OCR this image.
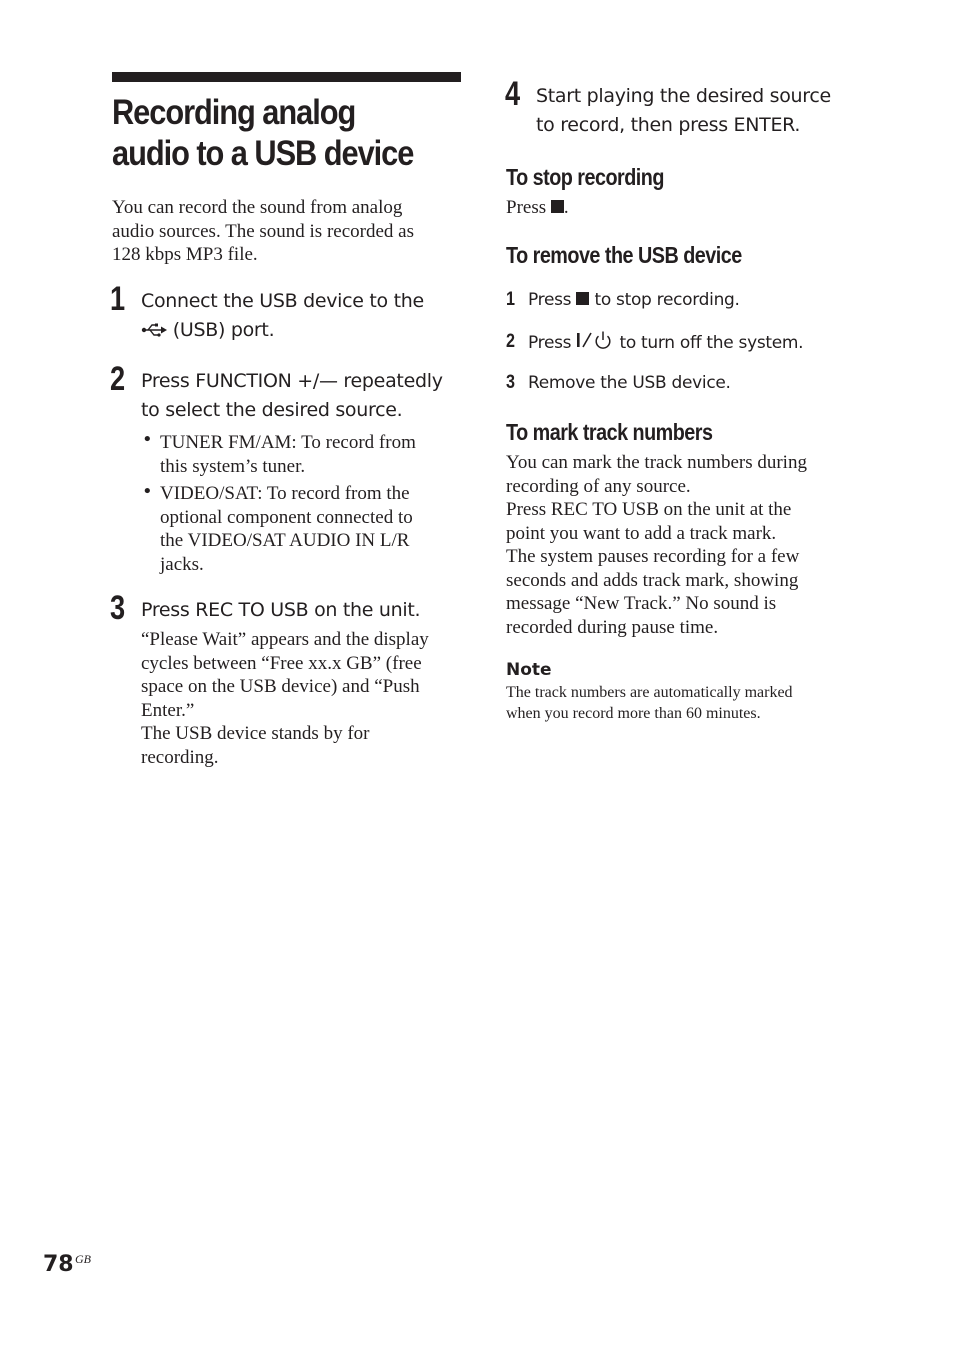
Recording analog
audio to a USB device
You can record the sound from analog
audio sources. The sound is recorded as
128 kbps MP3 file.
1 Connect the USB device to the
(USB) port.
2 Press FUNCTION +/— repeatedly
to select the desired source.
• TUNER FM/AM: To record from
this system’s tuner.
• VIDEO/SAT: To record from the
optional component connected to
the VIDEO/SAT AUDIO IN L/R
jacks.
3 Press REC TO USB on the unit.
“Please Wait” appears and the display
cycles between “Free xx.x GB” (free
space on the USB device) and “Push
Enter.”
The USB device stands by for
recording.
4 Start playing the desired source
to record, then press ENTER.
To stop recording
Press .
To remove the USB device
1 Press to stop recording.
2 Press	to turn off the system.
3 Remove the USB device.
To mark track numbers
You can mark the track numbers during
recording of any source.
Press REC TO USB on the unit at the
point you want to add a track mark.
The system pauses recording for a few
seconds and adds track mark, showing
message “New Track.” No sound is
recorded during pause time.
Note
The track numbers are automatically marked
when you record more than 60 minutes.
78 GB
